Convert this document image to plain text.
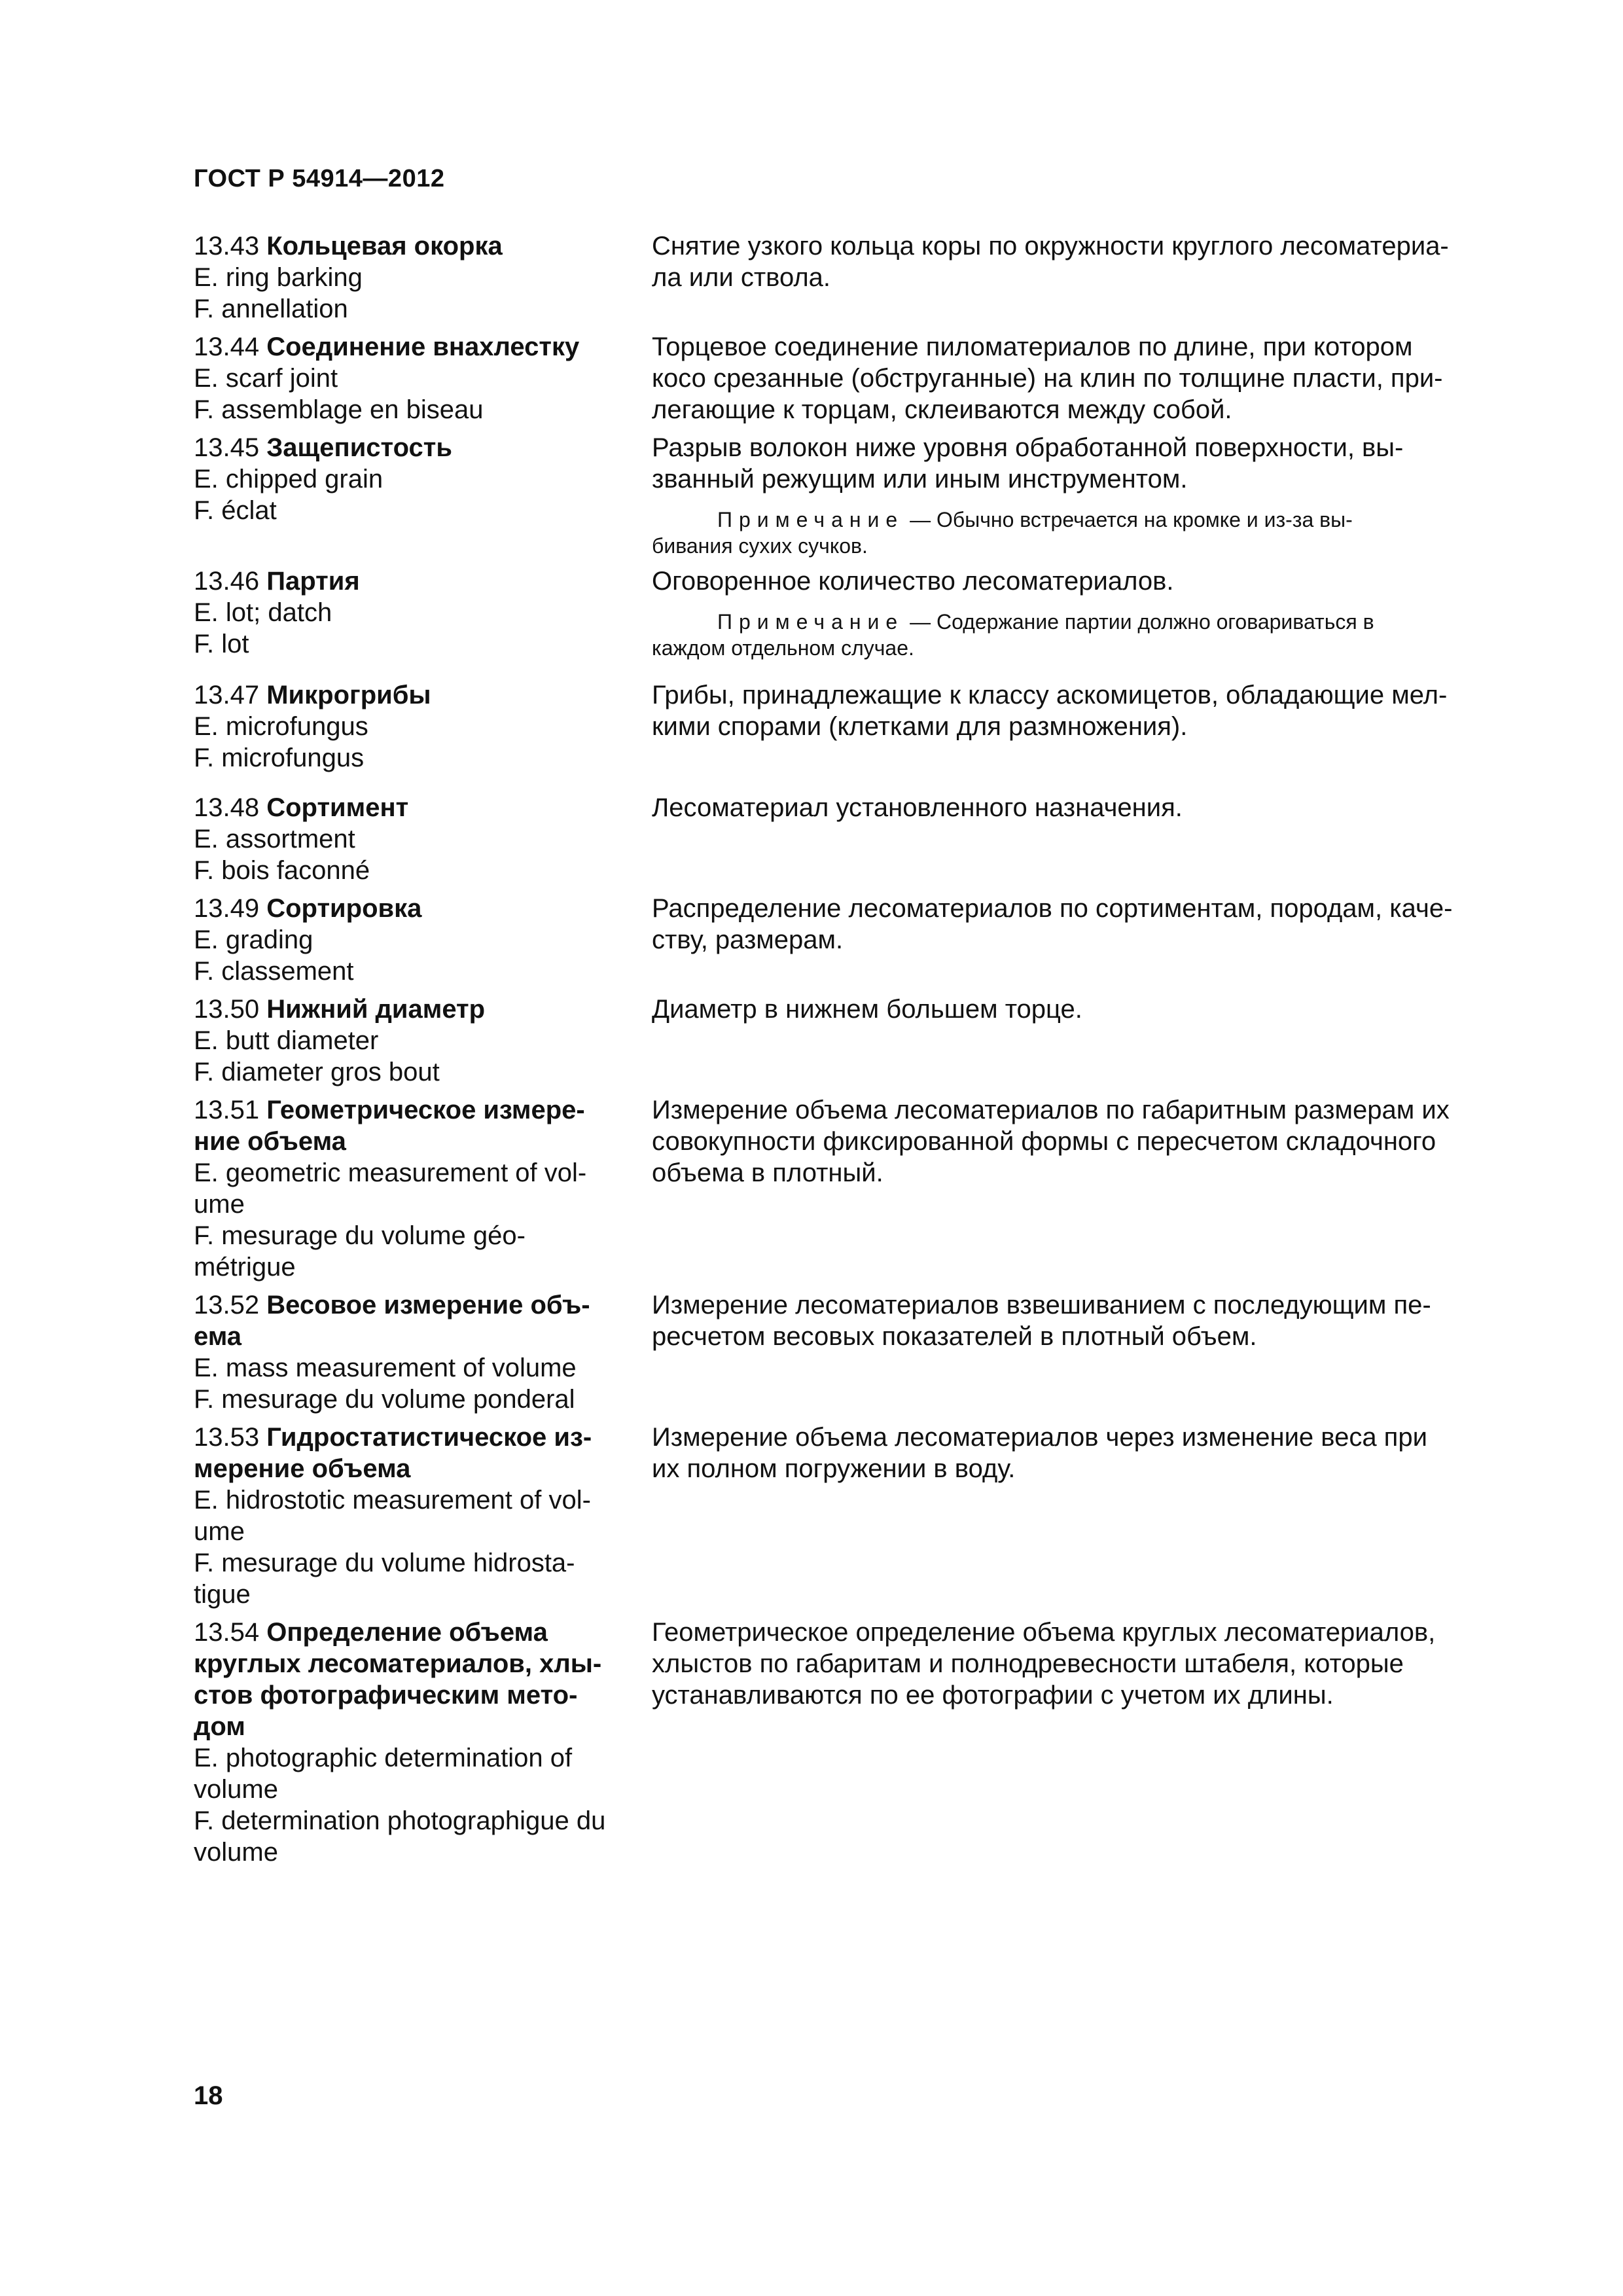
ГОСТ Р 54914—2012
13.43 Кольцевая окорка
E. ring barking
F. annellation
Снятие узкого кольца коры по окружности круглого лесоматериа-
ла или ствола.
13.44 Соединение внахлестку
E. scarf joint
F. assemblage en biseau
Торцевое соединение пиломатериалов по длине, при котором
косо срезанные (обструганные) на клин по толщине пласти, при-
легающие к торцам, склеиваются между собой.
13.45 Защепистость
E. chipped grain
F. éclat
Разрыв волокон ниже уровня обработанной поверхности, вы-
званный режущим или иным инструментом.
Примечание — Обычно встречается на кромке и из-за вы-
бивания сухих сучков.
13.46 Партия
E. lot; datch
F. lot
Оговоренное количество лесоматериалов.
Примечание — Содержание партии должно оговариваться в
каждом отдельном случае.
13.47 Микрогрибы
E. microfungus
F. microfungus
Грибы, принадлежащие к классу аскомицетов, обладающие мел-
кими спорами (клетками для размножения).
13.48 Сортимент
E. assortment
F. bois faconné
Лесоматериал установленного назначения.
13.49 Сортировка
E. grading
F. classement
Распределение лесоматериалов по сортиментам, породам, каче-
ству, размерам.
13.50 Нижний диаметр
E. butt diameter
F. diameter gros bout
Диаметр в нижнем большем торце.
13.51 Геометрическое измере-
ние объема
E. geometric measurement of vol-
ume
F. mesurage du volume géo-
métrigue
Измерение объема лесоматериалов по габаритным размерам их
совокупности фиксированной формы с пересчетом складочного
объема в плотный.
13.52 Весовое измерение объ-
ема
E. mass measurement of volume
F. mesurage du volume ponderal
Измерение лесоматериалов взвешиванием с последующим пе-
ресчетом весовых показателей в плотный объем.
13.53 Гидростатистическое из-
мерение объема
E. hidrostotic measurement of vol-
ume
F. mesurage du volume hidrosta-
tigue
Измерение объема лесоматериалов через изменение веса при
их полном погружении в воду.
13.54 Определение объема
круглых лесоматериалов, хлы-
стов фотографическим мето-
дом
E. photographic determination of
volume
F. determination photographigue du
volume
Геометрическое определение объема круглых лесоматериалов,
хлыстов по габаритам и полнодревесности штабеля, которые
устанавливаются по ее фотографии с учетом их длины.
18
